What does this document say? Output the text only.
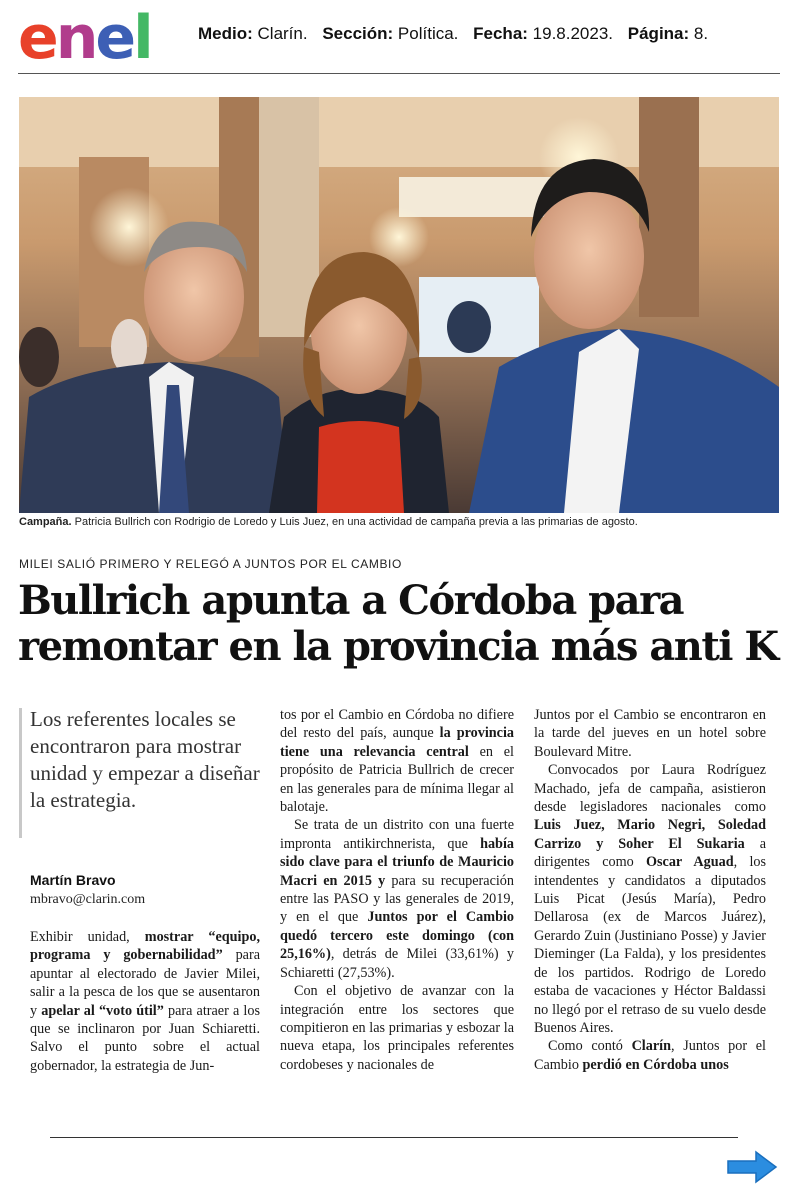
e n e l	Medio: Clarín. Sección: Política. Fecha: 19.8.2023. Página: 8.
Campaña. Patricia Bullrich con Rodrigio de Loredo y Luis Juez, en una actividad de campaña previa a las primarias de agosto.
MILEI SALIÓ PRIMERO Y RELEGÓ A JUNTOS POR EL CAMBIO
Bullrich apunta a Córdoba para
remontar en la provincia más anti K
Los referentes locales se encontraron para mostrar unidad y empezar a diseñar la estrategia.
Martín Bravo
mbravo@clarin.com

Exhibir unidad, mostrar “equipo, programa y gobernabilidad” para apuntar al electorado de Javier Milei, salir a la pesca de los que se ausentaron y apelar al “voto útil” para atraer a los que se inclinaron por Juan Schiaretti. Salvo el punto sobre el actual gobernador, la estrategia de Jun-

tos por el Cambio en Córdoba no difiere del resto del país, aunque la provincia tiene una relevancia central en el propósito de Patricia Bullrich de crecer en las generales para de mínima llegar al balotaje.

Se trata de un distrito con una fuerte impronta antikirchnerista, que había sido clave para el triunfo de Mauricio Macri en 2015 y para su recuperación entre las PASO y las generales de 2019, y en el que Juntos por el Cambio quedó tercero este domingo (con 25,16%), detrás de Milei (33,61%) y Schiaretti (27,53%).

Con el objetivo de avanzar con la integración entre los sectores que compitieron en las primarias y esbozar la nueva etapa, los principales referentes cordobeses y nacionales de

Juntos por el Cambio se encontraron en la tarde del jueves en un hotel sobre Boulevard Mitre.

Convocados por Laura Rodríguez Machado, jefa de campaña, asistieron desde legisladores nacionales como Luis Juez, Mario Negri, Soledad Carrizo y Soher El Sukaria a dirigentes como Oscar Aguad, los intendentes y candidatos a diputados Luis Picat (Jesús María), Pedro Dellarosa (ex de Marcos Juárez), Gerardo Zuin (Justiniano Posse) y Javier Dieminger (La Falda), y los presidentes de los partidos. Rodrigo de Loredo estaba de vacaciones y Héctor Baldassi no llegó por el retraso de su vuelo desde Buenos Aires.

Como contó Clarín, Juntos por el Cambio perdió en Córdoba unos
